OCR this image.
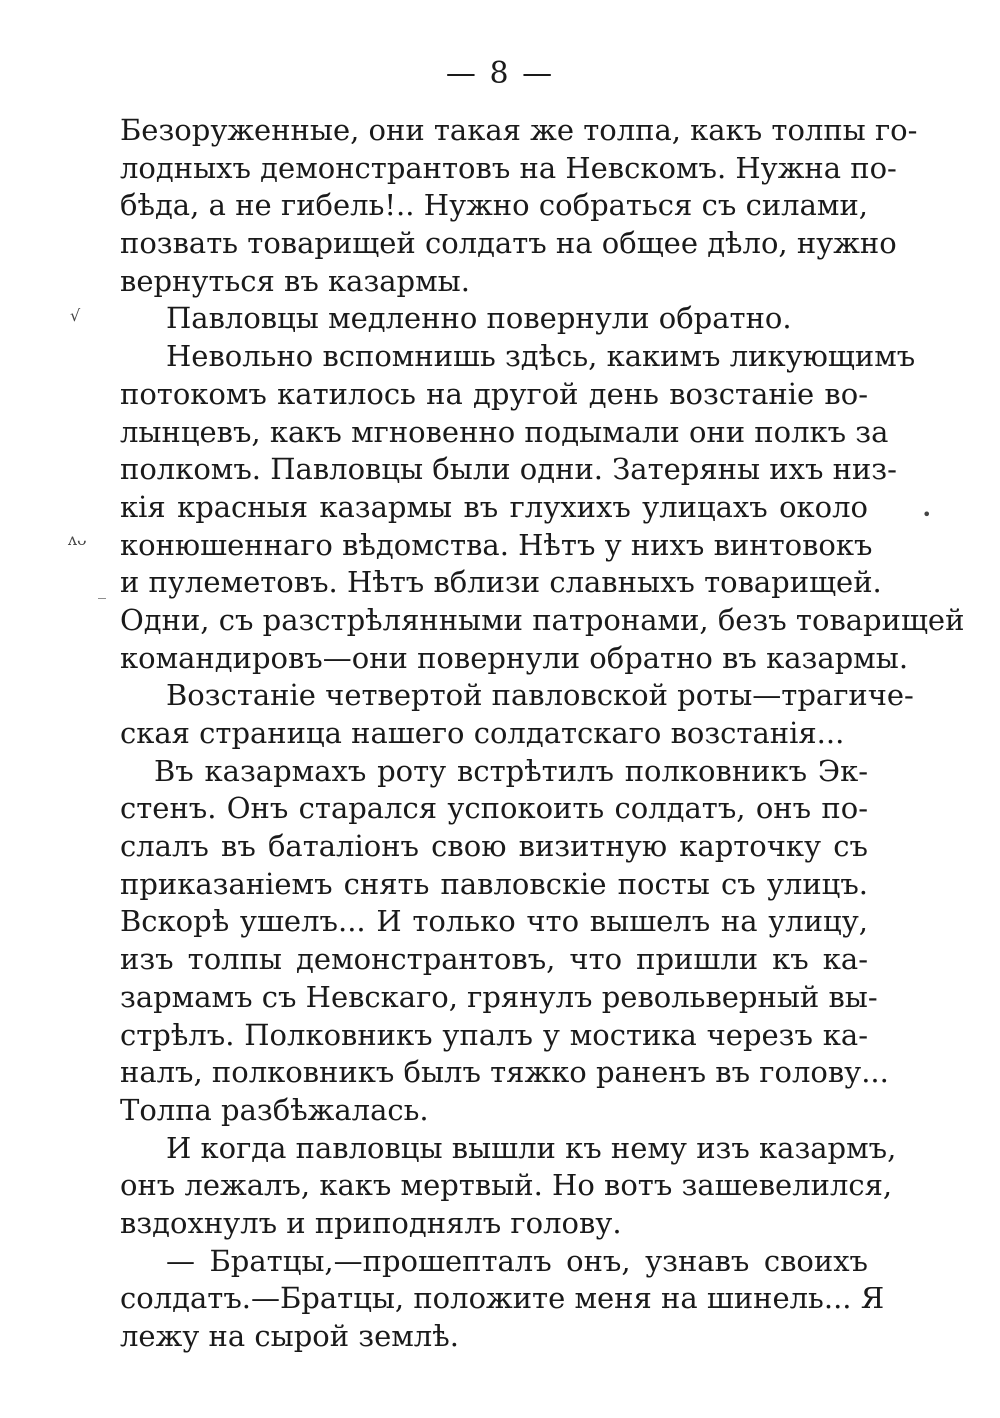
— 8 —
Безоруженные, они такая же толпа, какъ толпы го-
лодныхъ демонстрантовъ на Невскомъ. Нужна по-
бѣда, а не гибель!.. Нужно собраться съ силами,
позвать товарищей солдатъ на общее дѣло, нужно
вернуться въ казармы.
Павловцы медленно повернули обратно.
Невольно вспомнишь здѣсь, какимъ ликующимъ
потокомъ катилось на другой день возстаніе во-
лынцевъ, какъ мгновенно подымали они полкъ за
полкомъ. Павловцы были одни. Затеряны ихъ низ-
кія красныя казармы въ глухихъ улицахъ около
конюшеннаго вѣдомства. Нѣтъ у нихъ винтовокъ
и пулеметовъ. Нѣтъ вблизи славныхъ товарищей.
Одни, съ разстрѣлянными патронами, безъ товарищей
командировъ—они повернули обратно въ казармы.
Возстаніе четвертой павловской роты—трагиче-
ская страница нашего солдатскаго возстанія...
Въ казармахъ роту встрѣтилъ полковникъ Эк-
стенъ. Онъ старался успокоить солдатъ, онъ по-
слалъ въ баталіонъ свою визитную карточку съ
приказаніемъ снять павловскіе посты съ улицъ.
Вскорѣ ушелъ... И только что вышелъ на улицу,
изъ толпы демонстрантовъ, что пришли къ ка-
зармамъ съ Невскаго, грянулъ револьверный вы-
стрѣлъ. Полковникъ упалъ у мостика черезъ ка-
налъ, полковникъ былъ тяжко раненъ въ голову...
Толпа разбѣжалась.
И когда павловцы вышли къ нему изъ казармъ,
онъ лежалъ, какъ мертвый. Но вотъ зашевелился,
вздохнулъ и приподнялъ голову.
— Братцы,—прошепталъ онъ, узнавъ своихъ
солдатъ.—Братцы, положите меня на шинель... Я
лежу на сырой землѣ.
√
ᴧᴗ
_
•
